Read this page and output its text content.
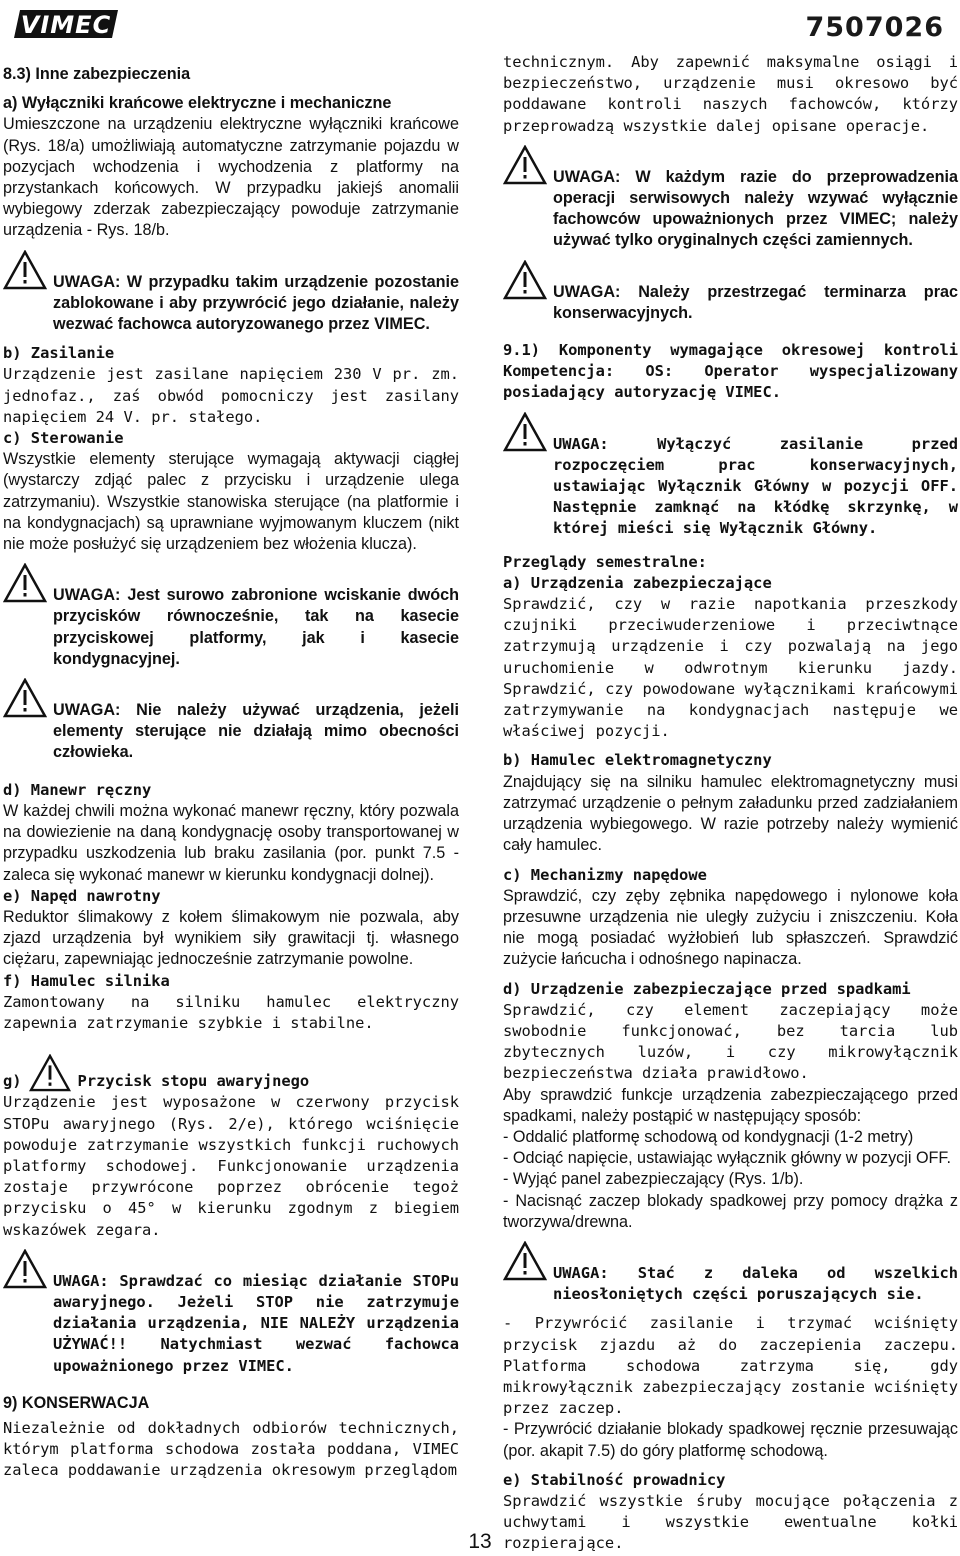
VIMEC	7507026

8.3) Inne zabezpieczenia

a) Wyłączniki krańcowe elektryczne i mechaniczne

Umieszczone na urządzeniu elektryczne wyłączniki krańcowe (Rys. 18/a) umożliwiają automatyczne zatrzymanie pojazdu w pozycjach wchodzenia i wychodzenia z platformy na przystankach końcowych. W przypadku jakiejś anomalii wybiegowy zderzak zabezpieczający powoduje zatrzymanie urządzenia - Rys. 18/b.

UWAGA: W przypadku takim urządzenie pozostanie zablokowane i aby przywrócić jego działanie, należy wezwać fachowca autoryzowanego przez VIMEC.

b) Zasilanie

Urządzenie jest zasilane napięciem 230 V pr. zm. jednofaz., zaś obwód pomocniczy jest zasilany napięciem 24 V. pr. stałego.

c) Sterowanie

Wszystkie elementy sterujące wymagają aktywacji ciągłej (wystarczy zdjąć palec z przycisku i urządzenie ulega zatrzymaniu). Wszystkie stanowiska sterujące (na platformie i na kondygnacjach) są uprawniane wyjmowanym kluczem (nikt nie może posłużyć się urządzeniem bez włożenia klucza).

UWAGA: Jest surowo zabronione wciskanie dwóch przycisków równocześnie, tak na kasecie przyciskowej platformy, jak i kasecie kondygnacyjnej.

UWAGA: Nie należy używać urządzenia, jeżeli elementy sterujące nie działają mimo obecności człowieka.

d) Manewr ręczny

W każdej chwili można wykonać manewr ręczny, który pozwala na dowiezienie na daną kondygnację osoby transportowanej w przypadku uszkodzenia lub braku zasilania (por. punkt 7.5 - zaleca się wykonać manewr w kierunku kondygnacji dolnej).

e) Napęd nawrotny

Reduktor ślimakowy z kołem ślimakowym nie pozwala, aby zjazd urządzenia był wynikiem siły grawitacji tj. własnego ciężaru, zapewniając jednocześnie zatrzymanie powolne.

f) Hamulec silnika

Zamontowany na silniku hamulec elektryczny zapewnia zatrzymanie szybkie i stabilne.

g)	Przycisk stopu awaryjnego

Urządzenie jest wyposażone w czerwony przycisk STOPu awaryjnego (Rys. 2/e), którego wciśnięcie powoduje zatrzymanie wszystkich funkcji ruchowych platformy schodowej. Funkcjonowanie urządzenia zostaje przywrócone poprzez obrócenie tegoż przycisku o 45° w kierunku zgodnym z biegiem wskazówek zegara.

UWAGA: Sprawdzać co miesiąc działanie STOPu awaryjnego. Jeżeli STOP nie zatrzymuje działania urządzenia, NIE NALEŻY urządzenia UŻYWAĆ!! Natychmiast wezwać fachowca upoważnionego przez VIMEC.

9) KONSERWACJA

Niezależnie od dokładnych odbiorów technicznych, którym platforma schodowa została poddana, VIMEC zaleca poddawanie urządzenia okresowym przeglądom

technicznym. Aby zapewnić maksymalne osiągi i bezpieczeństwo, urządzenie musi okresowo być poddawane kontroli naszych fachowców, którzy przeprowadzą wszystkie dalej opisane operacje.

UWAGA: W każdym razie do przeprowadzenia operacji serwisowych należy wzywać wyłącznie fachowców upoważnionych przez VIMEC; należy używać tylko oryginalnych części zamiennych.

UWAGA: Należy przestrzegać terminarza prac konserwacyjnych.

9.1) Komponenty wymagające okresowej kontroli Kompetencja: OS: Operator wyspecjalizowany posiadający autoryzację VIMEC.

UWAGA: Wyłączyć zasilanie przed rozpoczęciem prac konserwacyjnych, ustawiając Wyłącznik Główny w pozycji OFF. Następnie zamknąć na kłódkę skrzynkę, w której mieści się Wyłącznik Główny.

Przeglądy semestralne:

a) Urządzenia zabezpieczające

Sprawdzić, czy w razie napotkania przeszkody czujniki przeciwuderzeniowe i przeciwtnące zatrzymują urządzenie i czy pozwalają na jego uruchomienie w odwrotnym kierunku jazdy. Sprawdzić, czy powodowane wyłącznikami krańcowymi zatrzymywanie na kondygnacjach następuje we właściwej pozycji.

b) Hamulec elektromagnetyczny

Znajdujący się na silniku hamulec elektromagnetyczny musi zatrzymać urządzenie o pełnym załadunku przed zadziałaniem urządzenia wybiegowego. W razie potrzeby należy wymienić cały hamulec.

c) Mechanizmy napędowe

Sprawdzić, czy zęby zębnika napędowego i nylonowe koła przesuwne urządzenia nie uległy zużyciu i zniszczeniu. Koła nie mogą posiadać wyżłobień lub spłaszczeń. Sprawdzić zużycie łańcucha i odnośnego napinacza.

d) Urządzenie zabezpieczające przed spadkami

Sprawdzić, czy element zaczepiający może swobodnie funkcjonować, bez tarcia lub zbytecznych luzów, i czy mikrowyłącznik bezpieczeństwa działa prawidłowo.

Aby sprawdzić funkcje urządzenia zabezpieczającego przed spadkami, należy postąpić w następujący sposób:

- Oddalić platformę schodową od kondygnacji (1-2 metry)

- Odciąć napięcie, ustawiając wyłącznik główny w pozycji OFF.

- Wyjąć panel zabezpieczający (Rys. 1/b).

- Nacisnąć zaczep blokady spadkowej przy pomocy drążka z tworzywa/drewna.

UWAGA: Stać z daleka od wszelkich nieosłoniętych części poruszających sie.

- Przywrócić zasilanie i trzymać wciśnięty przycisk zjazdu aż do zaczepienia zaczepu. Platforma schodowa zatrzyma się, gdy mikrowyłącznik zabezpieczający zostanie wciśnięty przez zaczep.

- Przywrócić działanie blokady spadkowej ręcznie przesuwając (por. akapit 7.5) do góry platformę schodową.

e) Stabilność prowadnicy

Sprawdzić wszystkie śruby mocujące połączenia z uchwytami i wszystkie ewentualne kołki rozpierające.

13
